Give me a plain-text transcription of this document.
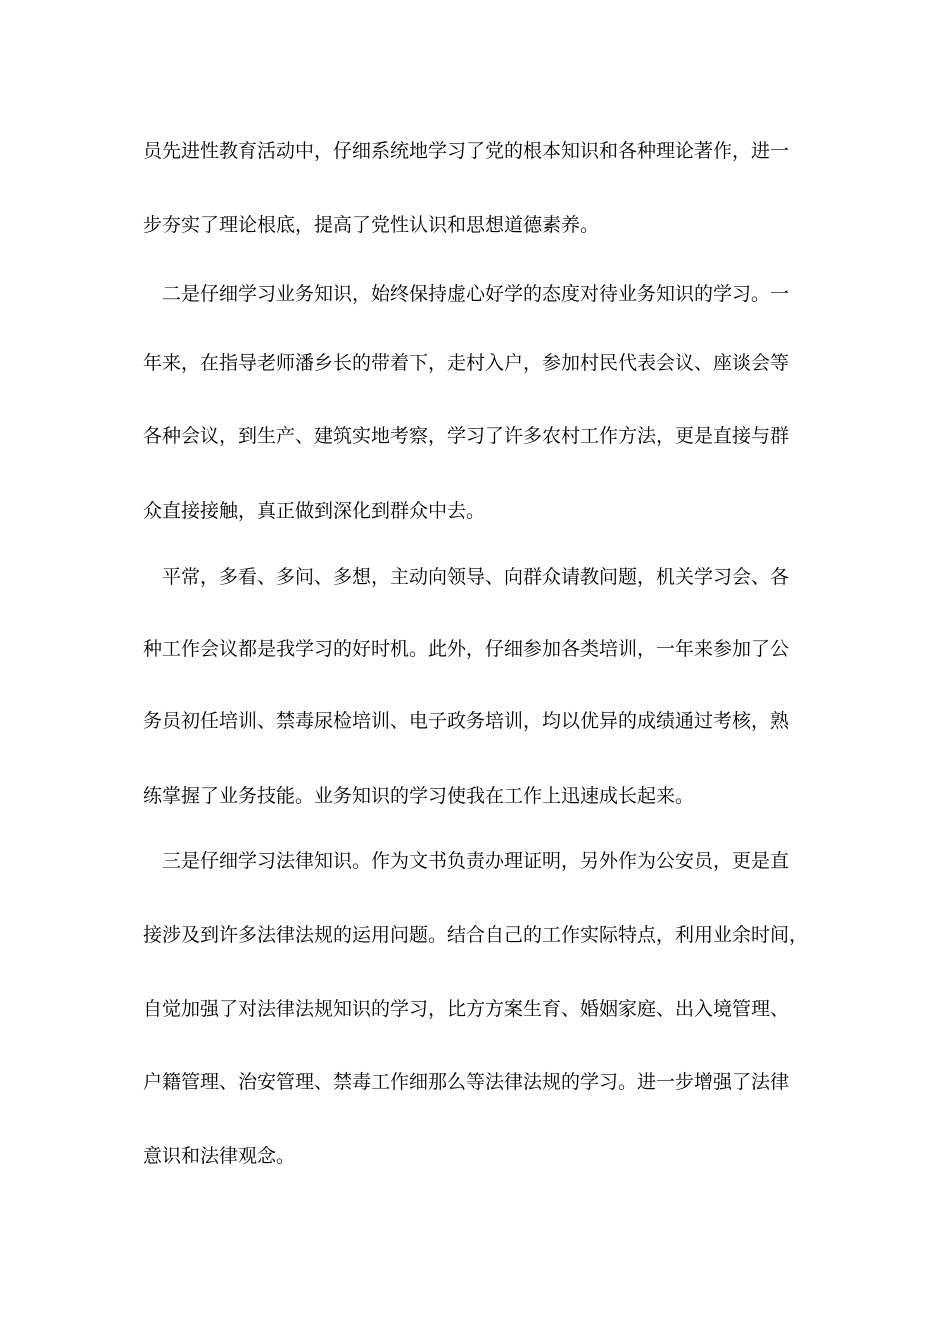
员先进性教育活动中，仔细系统地学习了党的根本知识和各种理论著作，进一
步夯实了理论根底，提高了党性认识和思想道德素养。
二是仔细学习业务知识，始终保持虚心好学的态度对待业务知识的学习。一
年来，在指导老师潘乡长的带着下，走村入户，参加村民代表会议、座谈会等
各种会议，到生产、建筑实地考察，学习了许多农村工作方法，更是直接与群
众直接接触，真正做到深化到群众中去。
平常，多看、多问、多想，主动向领导、向群众请教问题，机关学习会、各
种工作会议都是我学习的好时机。此外，仔细参加各类培训，一年来参加了公
务员初任培训、禁毒尿检培训、电子政务培训，均以优异的成绩通过考核，熟
练掌握了业务技能。业务知识的学习使我在工作上迅速成长起来。
三是仔细学习法律知识。作为文书负责办理证明，另外作为公安员，更是直
接涉及到许多法律法规的运用问题。结合自己的工作实际特点，利用业余时间，
自觉加强了对法律法规知识的学习，比方方案生育、婚姻家庭、出入境管理、
户籍管理、治安管理、禁毒工作细那么等法律法规的学习。进一步增强了法律
意识和法律观念。
